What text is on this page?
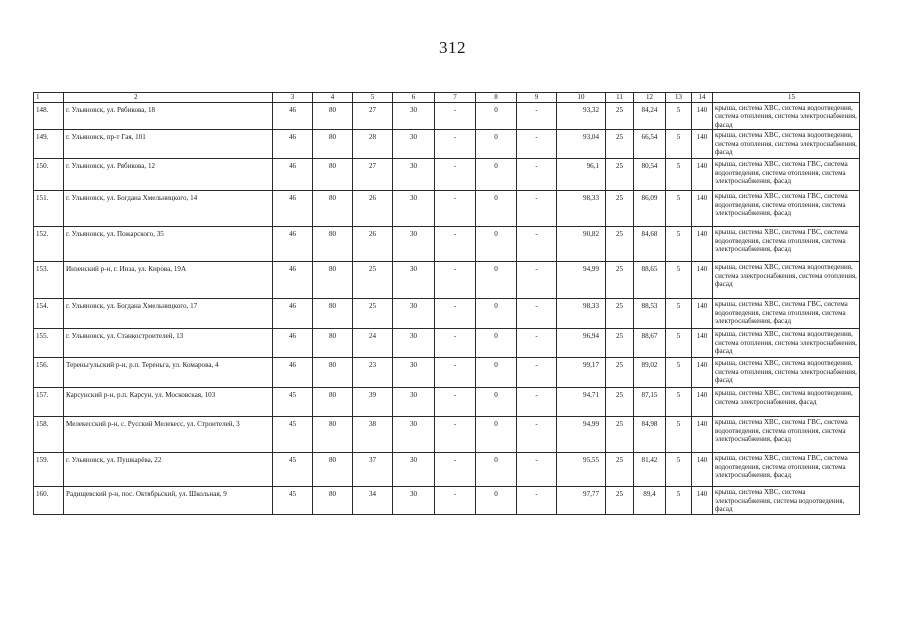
312
1	2	3	4	5	6	7	8	9	10	11	12	13	14	15
148.	г. Ульяновск, ул. Рябикова, 18	46	80	27	30	-	0	-	93,32	25	84,24	5	140	крыша, система ХВС, система водоотведения, система отопления, система электроснабжения, фасад
149.	г. Ульяновск, пр-т Гая, 101	46	80	28	30	-	0	-	93,04	25	66,54	5	140	крыша, система ХВС, система водоотведения, система отопления, система электроснабжения, фасад
150.	г. Ульяновск, ул. Рябикова, 12	46	80	27	30	-	0	-	96,1	25	80,54	5	140	крыша, система ХВС, система ГВС, система водоотведения, система отопления, система электроснабжения, фасад
151.	г. Ульяновск, ул. Богдана Хмельницкого, 14	46	80	26	30	-	0	-	98,33	25	86,09	5	140	крыша, система ХВС, система ГВС, система водоотведения, система отопления, система электроснабжения, фасад
152.	г. Ульяновск, ул. Пожарского, 35	46	80	26	30	-	0	-	90,82	25	84,68	5	140	крыша, система ХВС, система ГВС, система водоотведения, система отопления, система электроснабжения, фасад
153.	Инзенский р-н, г. Инза, ул. Кирова, 19А	46	80	25	30	-	0	-	94,99	25	88,65	5	140	крыша, система ХВС, система водоотведения, система электроснабжения, система отопления, фасад
154.	г. Ульяновск, ул. Богдана Хмельницкого, 17	46	80	25	30	-	0	-	98,33	25	88,53	5	140	крыша, система ХВС, система ГВС, система водоотведения, система отопления, система электроснабжения, фасад
155.	г. Ульяновск, ул. Станкостроителей, 13	46	80	24	30	-	0	-	96,94	25	88,67	5	140	крыша, система ХВС, система водоотведения, система отопления, система электроснабжения, фасад
156.	Тереньгульский р-н, р.п. Тереньга, ул. Комарова, 4	46	80	23	30	-	0	-	99,17	25	89,02	5	140	крыша, система ХВС, система водоотведения, система отопления, система электроснабжения, фасад
157.	Карсунский р-н, р.п. Карсун, ул. Московская, 103	45	80	39	30	-	0	-	94,71	25	87,15	5	140	крыша, система ХВС, система водоотведения, система электроснабжения, фасад
158.	Мелекесский р-н, с. Русский Мелекесс, ул. Строителей, 3	45	80	38	30	-	0	-	94,99	25	84,98	5	140	крыша, система ХВС, система ГВС, система водоотведения, система отопления, система электроснабжения, фасад
159.	г. Ульяновск, ул. Пушкарёва, 22	45	80	37	30	-	0	-	95,55	25	81,42	5	140	крыша, система ХВС, система ГВС, система водоотведения, система отопления, система электроснабжения, фасад
160.	Радищевский р-н, пос. Октябрьский, ул. Школьная, 9	45	80	34	30	-	0	-	97,77	25	89,4	5	140	крыша, система ХВС, система электроснабжения, система водоотведения, фасад
